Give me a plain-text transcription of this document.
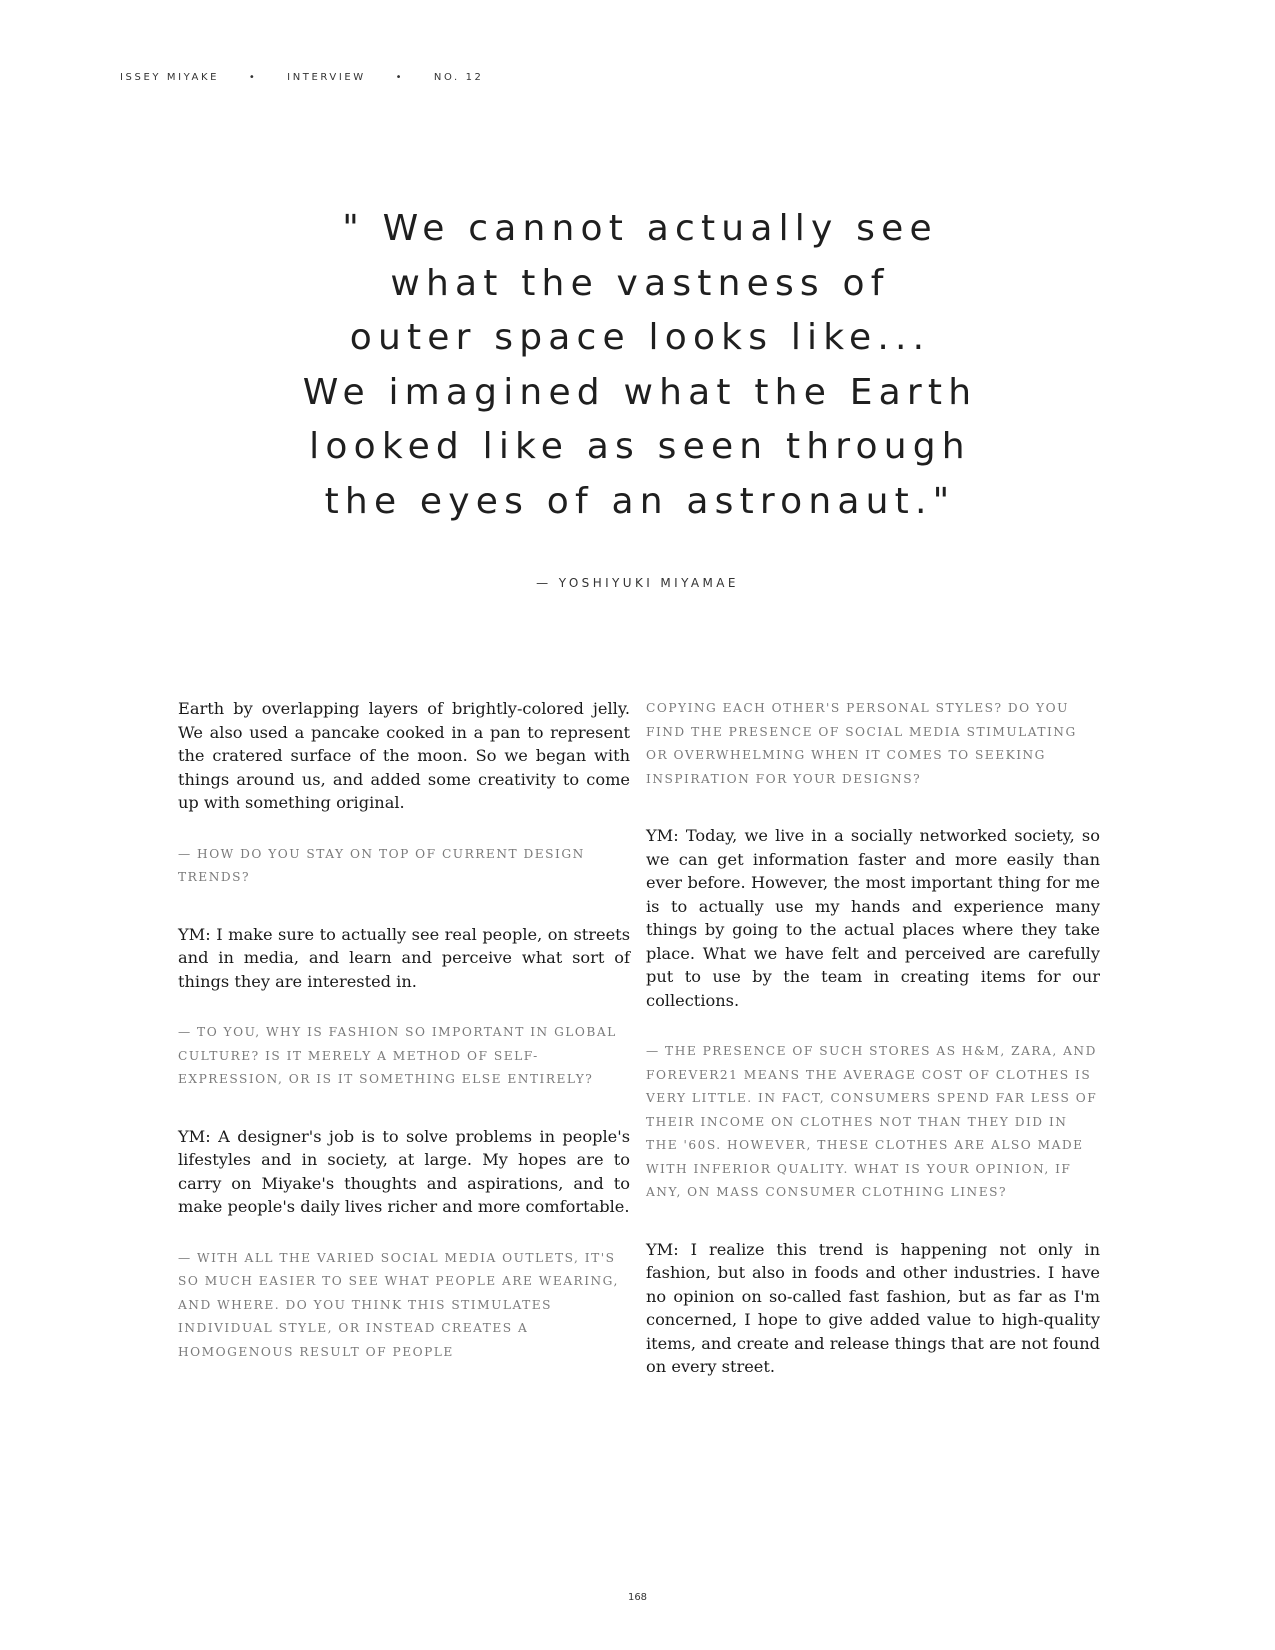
ISSEY MIYAKE	•	INTERVIEW	•	NO. 12
" We cannot actually see
what the vastness of
outer space looks like...
We imagined what the Earth
looked like as seen through
the eyes of an astronaut."
— YOSHIYUKI MIYAMAE

Earth by overlapping layers of brightly-colored jelly. We also used a pancake cooked in a pan to represent the cratered surface of the moon. So we began with things around us, and added some creativity to come up with something original.

— HOW DO YOU STAY ON TOP OF CURRENT DESIGN TRENDS?

YM: I make sure to actually see real people, on streets and in media, and learn and perceive what sort of things they are interested in.

— TO YOU, WHY IS FASHION SO IMPORTANT IN GLOBAL CULTURE? IS IT MERELY A METHOD OF SELF-EXPRESSION, OR IS IT SOMETHING ELSE ENTIRELY?

YM: A designer's job is to solve problems in people's lifestyles and in society, at large. My hopes are to carry on Miyake's thoughts and aspirations, and to make people's daily lives richer and more comfortable.

— WITH ALL THE VARIED SOCIAL MEDIA OUTLETS, IT'S SO MUCH EASIER TO SEE WHAT PEOPLE ARE WEARING, AND WHERE. DO YOU THINK THIS STIMULATES INDIVIDUAL STYLE, OR INSTEAD CREATES A HOMOGENOUS RESULT OF PEOPLE

COPYING EACH OTHER'S PERSONAL STYLES? DO YOU FIND THE PRESENCE OF SOCIAL MEDIA STIMULATING OR OVERWHELMING WHEN IT COMES TO SEEKING INSPIRATION FOR YOUR DESIGNS?

YM: Today, we live in a socially networked society, so we can get information faster and more easily than ever before. However, the most important thing for me is to actually use my hands and experience many things by going to the actual places where they take place. What we have felt and perceived are carefully put to use by the team in creating items for our collections.

— THE PRESENCE OF SUCH STORES AS H&M, ZARA, AND FOREVER21 MEANS THE AVERAGE COST OF CLOTHES IS VERY LITTLE. IN FACT, CONSUMERS SPEND FAR LESS OF THEIR INCOME ON CLOTHES NOT THAN THEY DID IN THE '60S. HOWEVER, THESE CLOTHES ARE ALSO MADE WITH INFERIOR QUALITY. WHAT IS YOUR OPINION, IF ANY, ON MASS CONSUMER CLOTHING LINES?

YM: I realize this trend is happening not only in fashion, but also in foods and other industries. I have no opinion on so-called fast fashion, but as far as I'm concerned, I hope to give added value to high-quality items, and create and release things that are not found on every street.

168
